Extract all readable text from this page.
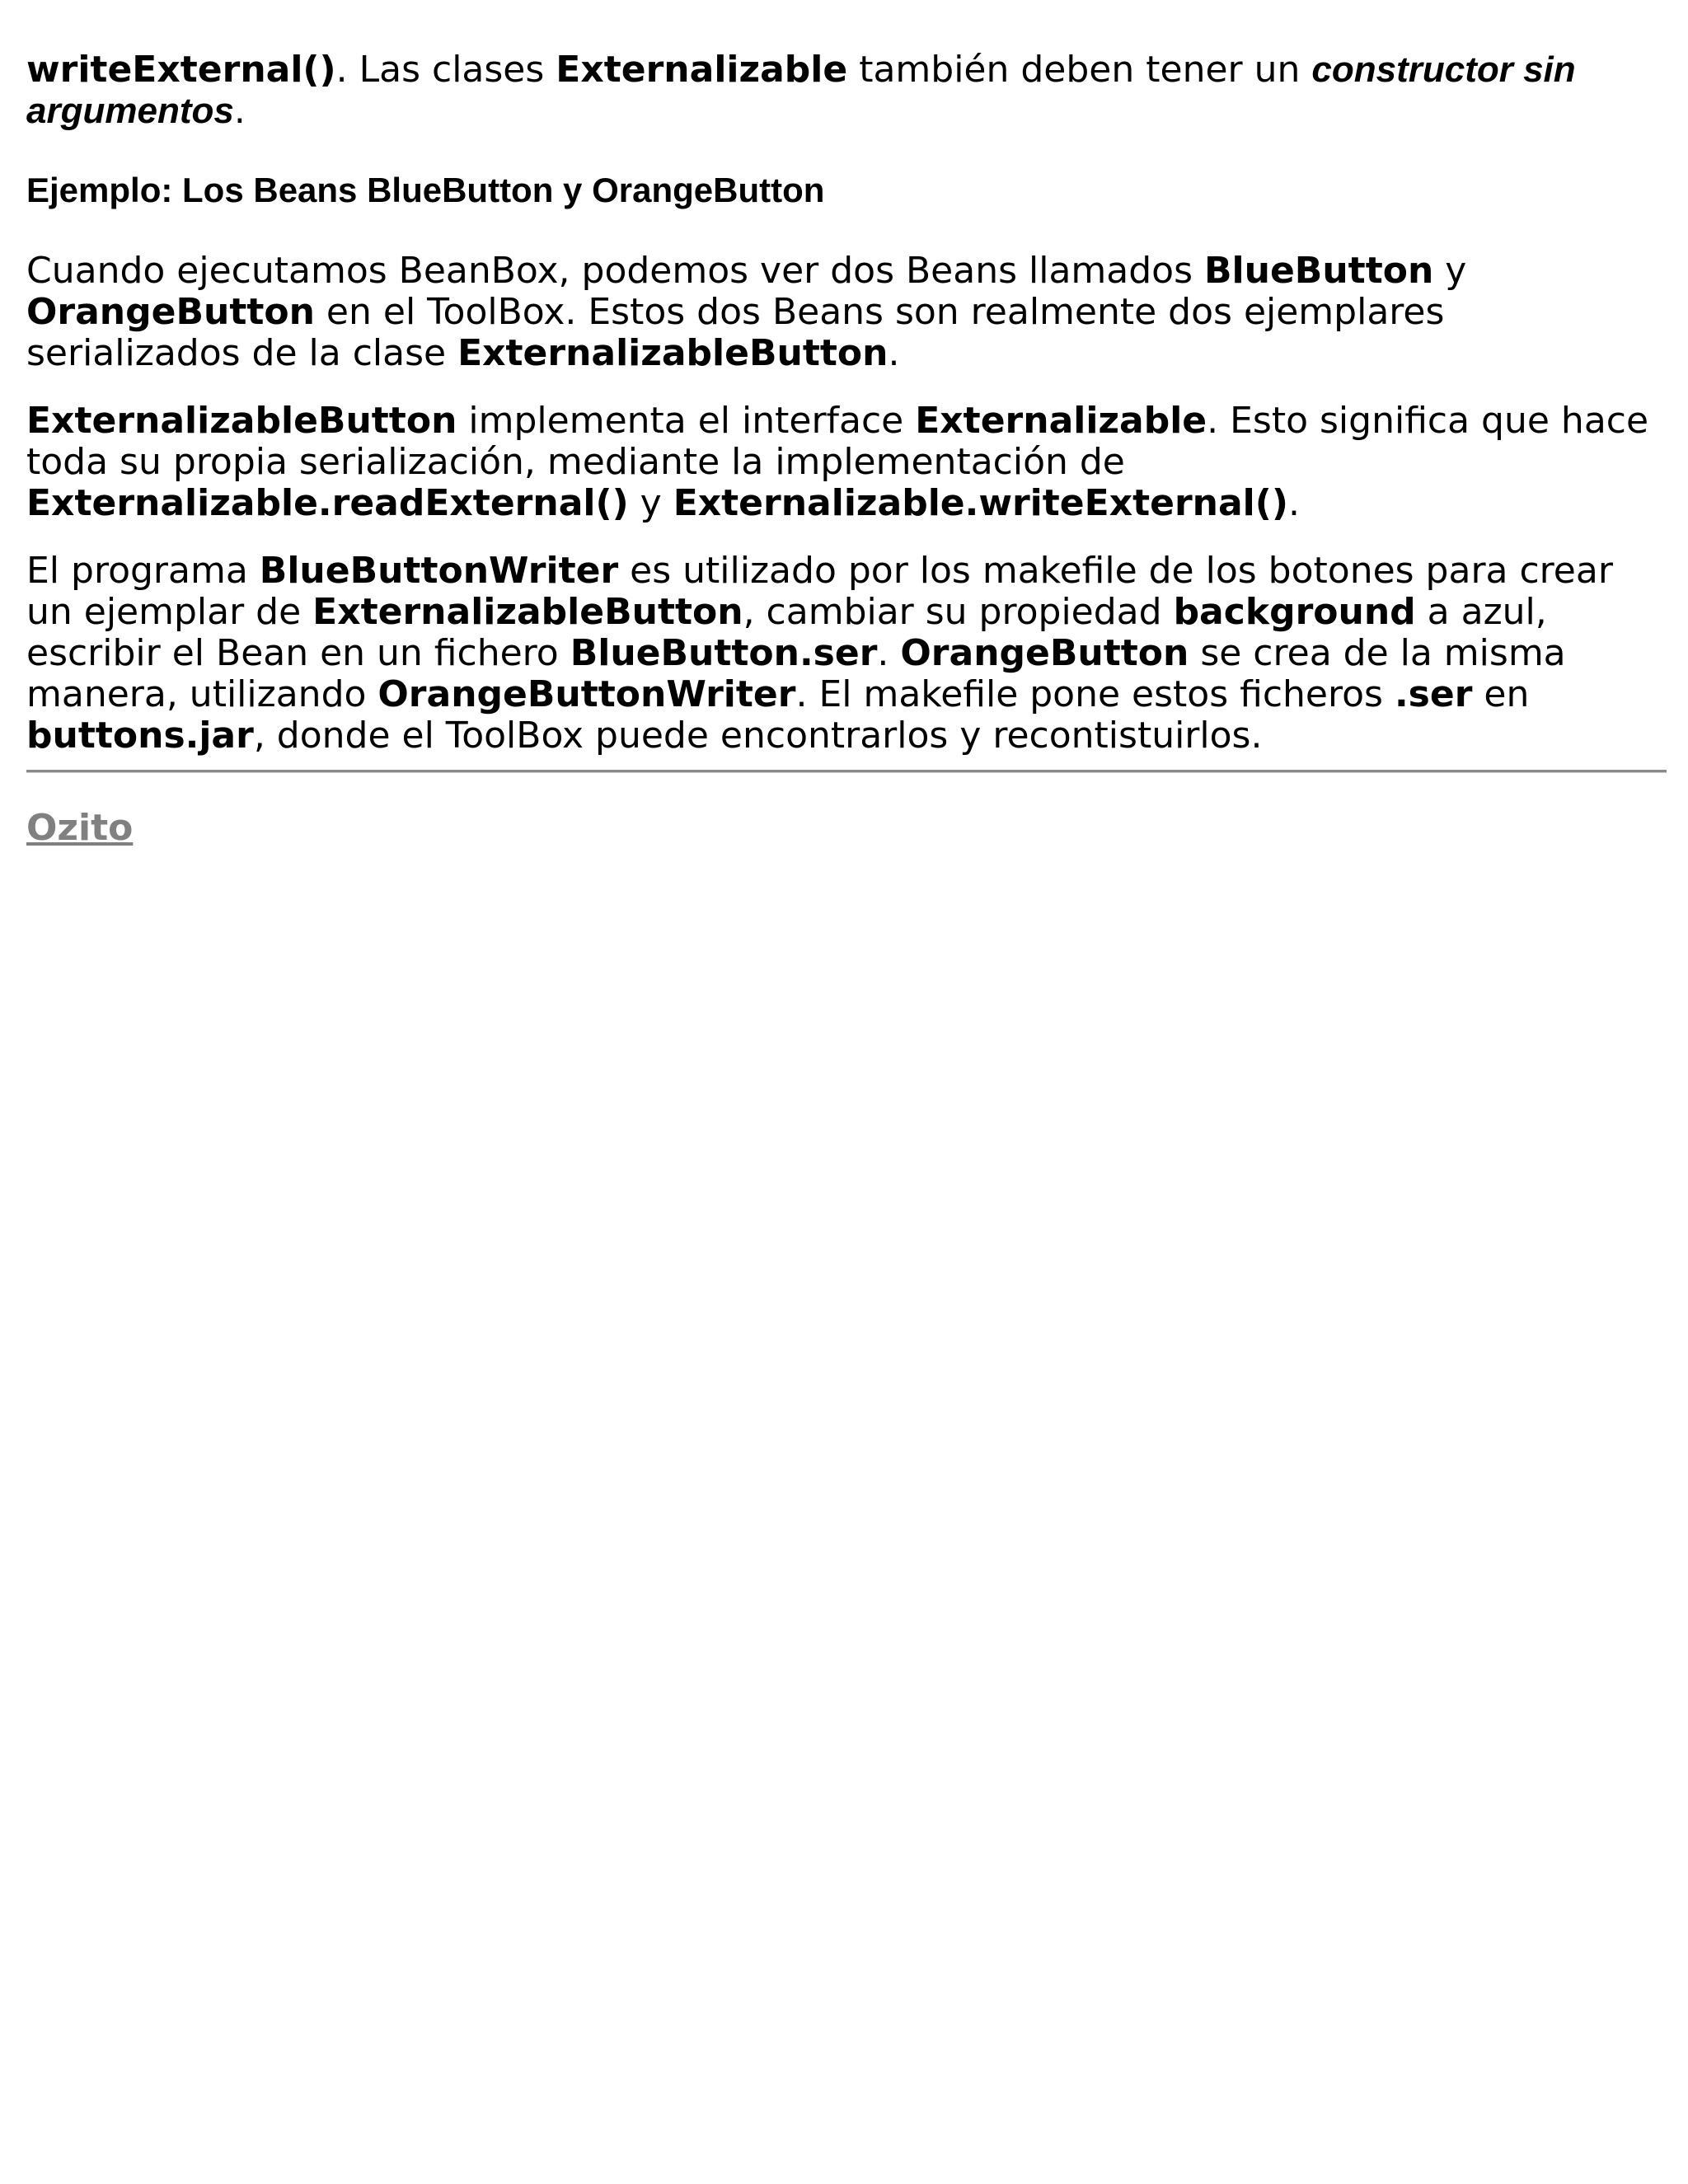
writeExternal(). Las clases Externalizable también deben tener un constructor sin argumentos.

Ejemplo: Los Beans BlueButton y OrangeButton

Cuando ejecutamos BeanBox, podemos ver dos Beans llamados BlueButton y OrangeButton en el ToolBox. Estos dos Beans son realmente dos ejemplares serializados de la clase ExternalizableButton.

ExternalizableButton implementa el interface Externalizable. Esto significa que hace toda su propia serialización, mediante la implementación de Externalizable.readExternal() y Externalizable.writeExternal().

El programa BlueButtonWriter es utilizado por los makefile de los botones para crear un ejemplar de ExternalizableButton, cambiar su propiedad background a azul, escribir el Bean en un fichero BlueButton.ser. OrangeButton se crea de la misma manera, utilizando OrangeButtonWriter. El makefile pone estos ficheros .ser en buttons.jar, donde el ToolBox puede encontrarlos y recontistuirlos.

Ozito
